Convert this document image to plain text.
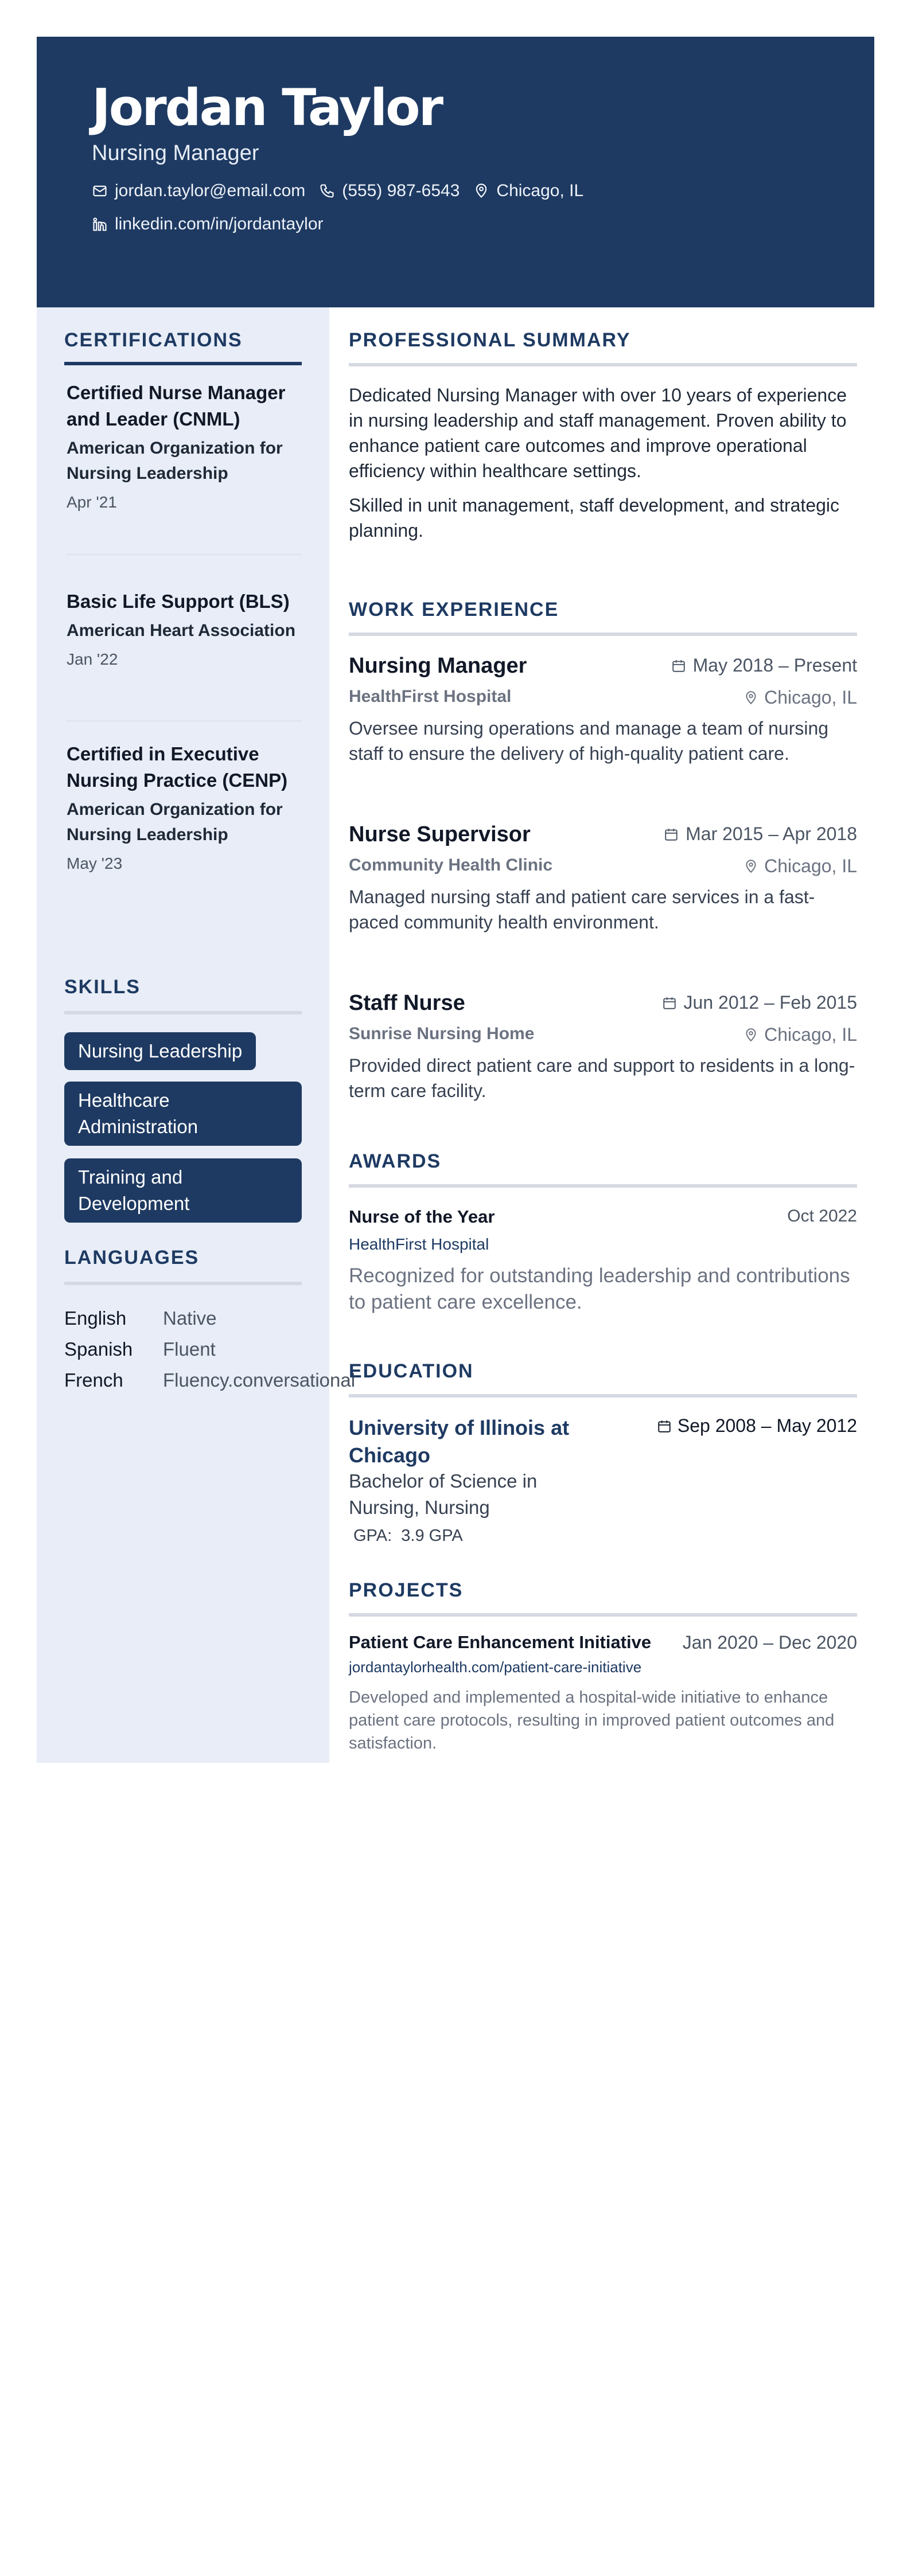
Jordan Taylor
Nursing Manager
jordan.taylor@email.com (555) 987-6543 Chicago, IL
linkedin.com/in/jordantaylor
CERTIFICATIONS
Certified Nurse Manager and Leader (CNML)
American Organization for Nursing Leadership
Apr '21
Basic Life Support (BLS)
American Heart Association
Jan '22
Certified in Executive Nursing Practice (CENP)
American Organization for Nursing Leadership
May '23
SKILLS
Nursing Leadership
Healthcare Administration
Training and Development
LANGUAGES
English	Native
Spanish	Fluent
French	Fluency.conversational
PROFESSIONAL SUMMARY
Dedicated Nursing Manager with over 10 years of experience in nursing leadership and staff management. Proven ability to enhance patient care outcomes and improve operational efficiency within healthcare settings.
Skilled in unit management, staff development, and strategic planning.
WORK EXPERIENCE
Nursing Manager	May 2018 – Present
HealthFirst Hospital	Chicago, IL
Oversee nursing operations and manage a team of nursing staff to ensure the delivery of high-quality patient care.
Nurse Supervisor	Mar 2015 – Apr 2018
Community Health Clinic	Chicago, IL
Managed nursing staff and patient care services in a fast-paced community health environment.
Staff Nurse	Jun 2012 – Feb 2015
Sunrise Nursing Home	Chicago, IL
Provided direct patient care and support to residents in a long-term care facility.
AWARDS
Nurse of the Year	Oct 2022
HealthFirst Hospital
Recognized for outstanding leadership and contributions to patient care excellence.
EDUCATION
University of Illinois at Chicago
Sep 2008 – May 2012
Bachelor of Science in Nursing, Nursing
GPA: 3.9 GPA
PROJECTS
Patient Care Enhancement Initiative Jan 2020 – Dec 2020
jordantaylorhealth.com/patient-care-initiative
Developed and implemented a hospital-wide initiative to enhance patient care protocols, resulting in improved patient outcomes and satisfaction.
